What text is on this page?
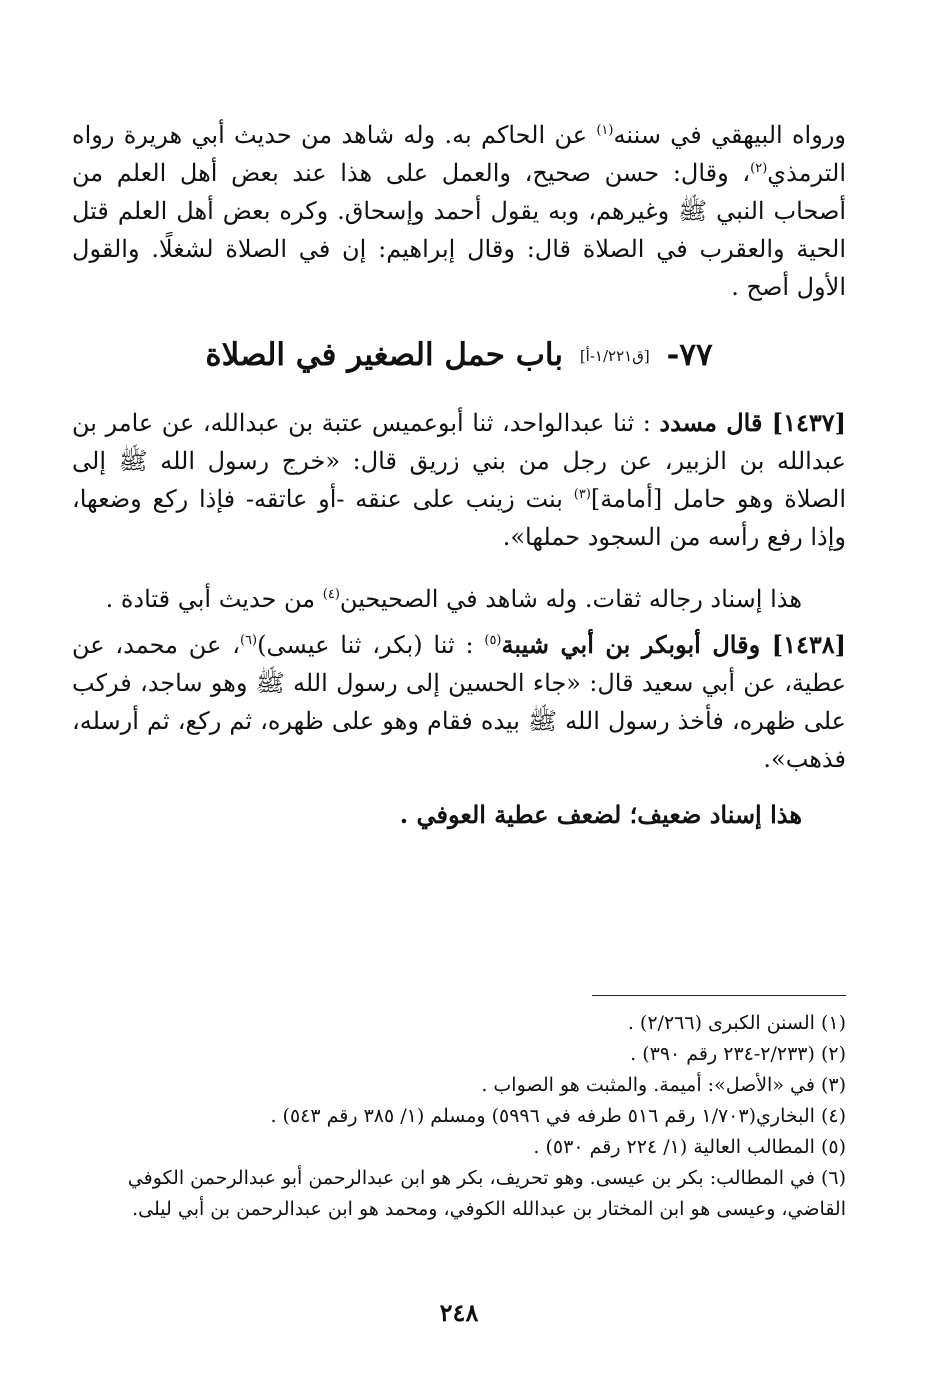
ورواه البيهقي في سننه$^{(١)}$ عن الحاكم به. وله شاهد من حديث أبي هريرة رواه الترمذي$^{(٢)}$، وقال: حسن صحيح، والعمل على هذا عند بعض أهل العلم من أصحاب النبي ﷺ وغيرهم، وبه يقول أحمد وإسحاق. وكره بعض أهل العلم قتل الحية والعقرب في الصلاة قال: وقال إبراهيم: إن في الصلاة لشغلًا. والقول الأول أصح .

٧٧- [ق١/٢٢١-أ] باب حمل الصغير في الصلاة

[١٤٣٧] قال مسدد : ثنا عبدالواحد، ثنا أبوعميس عتبة بن عبدالله، عن عامر بن عبدالله بن الزبير، عن رجل من بني زريق قال: «خرج رسول الله ﷺ إلى الصلاة وهو حامل [أمامة]$^{(٣)}$ بنت زينب على عنقه -أو عاتقه- فإذا ركع وضعها، وإذا رفع رأسه من السجود حملها».

هذا إسناد رجاله ثقات. وله شاهد في الصحيحين$^{(٤)}$ من حديث أبي قتادة .

[١٤٣٨] وقال أبوبكر بن أبي شيبة$^{(٥)}$ : ثنا (بكر، ثنا عيسى)$^{(٦)}$، عن محمد، عن عطية، عن أبي سعيد قال: «جاء الحسين إلى رسول الله ﷺ وهو ساجد، فركب على ظهره، فأخذ رسول الله ﷺ بيده فقام وهو على ظهره، ثم ركع، ثم أرسله، فذهب».

هذا إسناد ضعيف؛ لضعف عطية العوفي .

(١)السنن الكبرى (٢/٢٦٦) .
(٢)(٢/٢٣٣-٢٣٤ رقم ٣٩٠) .
(٣)في «الأصل»: أميمة. والمثبت هو الصواب .
(٤)البخاري(١/٧٠٣ رقم ٥١٦ طرفه في ٥٩٩٦) ومسلم (١/ ٣٨٥ رقم ٥٤٣) .
(٥)المطالب العالية (١/ ٢٢٤ رقم ٥٣٠) .
(٦)في المطالب: بكر بن عيسى. وهو تحريف، بكر هو ابن عبدالرحمن أبو عبدالرحمن الكوفي القاضي، وعيسى هو ابن المختار بن عبدالله الكوفي، ومحمد هو ابن عبدالرحمن بن أبي ليلى.
٢٤٨
